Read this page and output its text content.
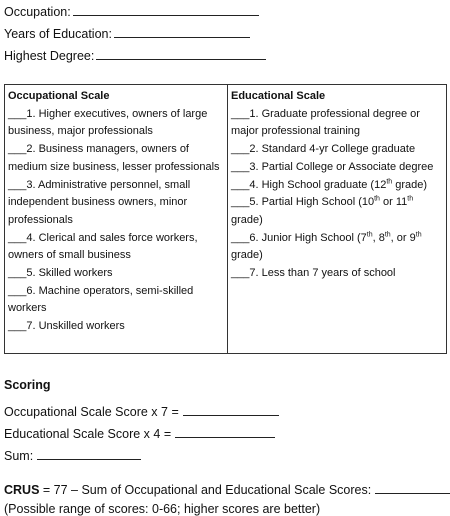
Occupation:
Years of Education:
Highest Degree:
Occupational Scale
___1. Higher executives, owners of large business, major professionals
___2. Business managers, owners of medium size business, lesser professionals
___3. Administrative personnel, small independent business owners, minor professionals
___4. Clerical and sales force workers, owners of small business
___5. Skilled workers
___6. Machine operators, semi-skilled workers
___7. Unskilled workers
Educational Scale
___1. Graduate professional degree or major professional training
___2. Standard 4-yr College graduate
___3. Partial College or Associate degree
___4. High School graduate (12th grade)
___5. Partial High School (10th or 11th grade)
___6. Junior High School (7th, 8th, or 9th grade)
___7. Less than 7 years of school
Scoring
Occupational Scale Score x 7 =
Educational Scale Score x 4 =
Sum:
CRUS = 77 – Sum of Occupational and Educational Scale Scores:
(Possible range of scores: 0-66; higher scores are better)
